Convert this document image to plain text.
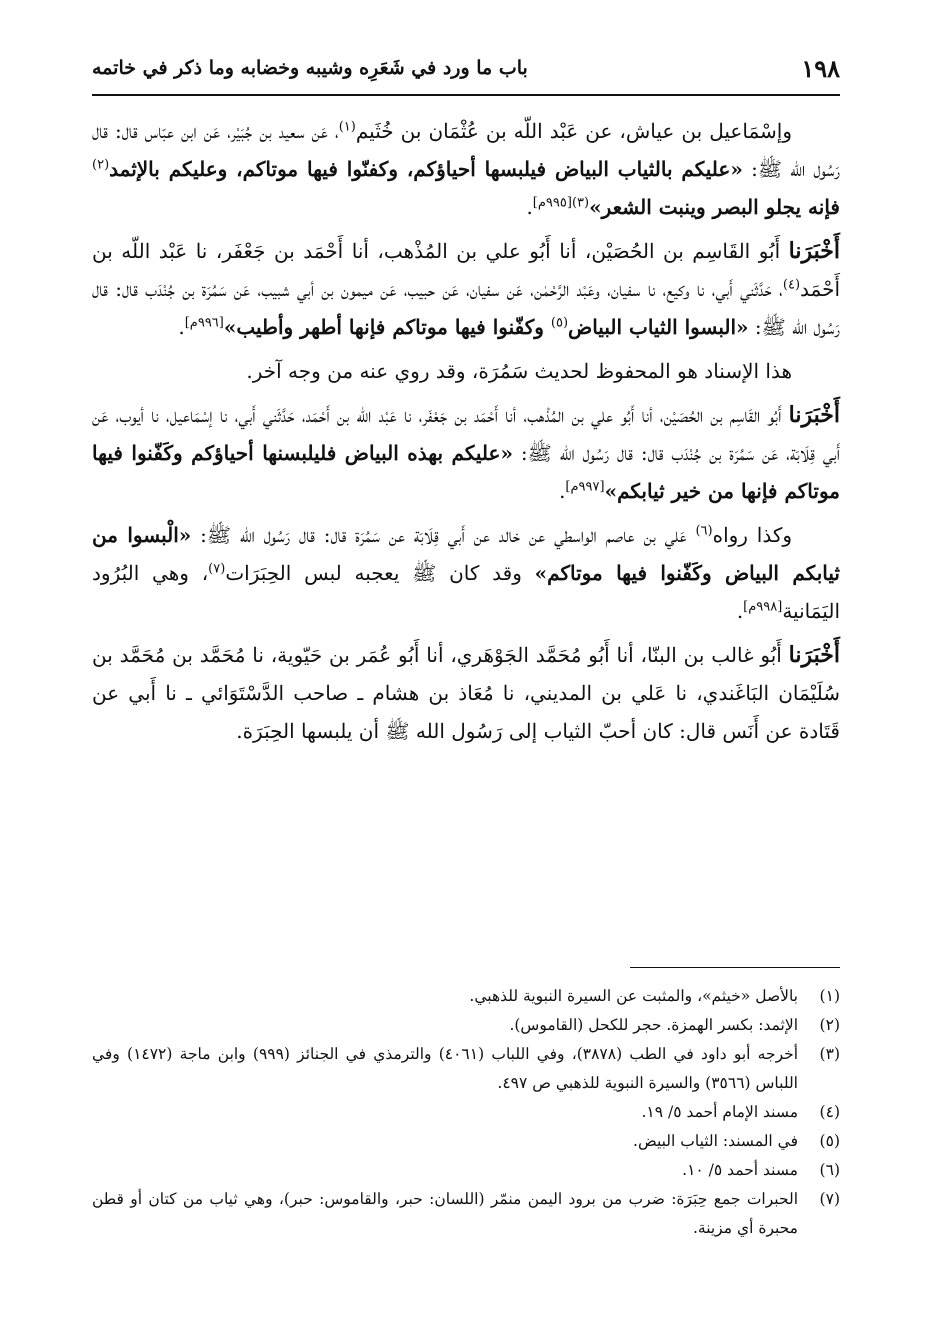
١٩٨
باب ما ورد في شَعَرِه وشيبه وخضابه وما ذكر في خاتمه

وإسْمَاعيل بن عياش، عن عَبْد اللّه بن عُثْمَان بن خُثَيم$^{(١)}$، عَن سعيد بن جُبَيْر، عَن ابن عبّاس قال: قال رَسُول الله ﷺ: «عليكم بالثياب البياض فيلبسها أحياؤكم، وكفنّوا فيها موتاكم، وعليكم بالإثمد$^{(٢)}$ فإنه يجلو البصر وينبت الشعر»$^{(٣)[٩٩٥م]}$.

أَخْبَرَنا أَبُو القَاسِم بن الحُصَيْن، أنا أَبُو علي بن المُذْهب، أنا أَحْمَد بن جَعْفَر، نا عَبْد اللّه بن أَحْمَد$^{(٤)}$، حَدَّثَني أَبي، نا وكيع، نا سفيان، وعَبْد الرَّحْمٰن، عَن سفيان، عَن حبيب، عَن ميمون بن أبي شبيب، عَن سَمُرَة بن جُنْدَب قال: قال رَسُول الله ﷺ: «البسوا الثياب البياض$^{(٥)}$ وكفّنوا فيها موتاكم فإنها أطهر وأطيب»[٩٩٦م].

هذا الإسناد هو المحفوظ لحديث سَمُرَة، وقد روي عنه من وجه آخر.

أَخْبَرَنا أَبُو القَاسِم بن الحُصَيْن، أنا أَبُو علي بن المُذْهب، أنا أَحْمَد بن جَعْفَر، نا عَبْد اللّه بن أَحْمَد، حَدَّثَني أَبي، نا إسْمَاعيل، نا أيوب، عَن أَبي قِلَابَة، عَن سَمُرَة بن جُنْدَب قال: قال رَسُول الله ﷺ: «عليكم بهذه البياض فليلبسنها أحياؤكم وكَفّنوا فيها موتاكم فإنها من خير ثيابكم»[٩٩٧م].

وكذا رواه$^{(٦)}$ عَلي بن عاصم الواسطي عن خالد عن أَبي قِلَابَة عن سَمُرَة قال: قال رَسُول الله ﷺ: «الْبسوا من ثيابكم البياض وكَفّنوا فيها موتاكم» وقد كان ﷺ يعجبه لبس الحِبَرَات$^{(٧)}$، وهي البُرُود اليَمَانية[٩٩٨م].

أَخْبَرَنا أَبُو غالب بن البنّا، أنا أَبُو مُحَمَّد الجَوْهَري، أنا أَبُو عُمَر بن حَيّوية، نا مُحَمَّد بن مُحَمَّد بن سُلَيْمَان البَاغَندي، نا عَلي بن المديني، نا مُعَاذ بن هشام ـ صاحب الدَّسْتَوَائي ـ نا أَبي عن قَتَادة عن أَنَس قال: كان أحبّ الثياب إلى رَسُول الله ﷺ أن يلبسها الحِبَرَة.

(١)
بالأصل «خيثم»، والمثبت عن السيرة النبوية للذهبي.
(٢)
الإثمد: بكسر الهمزة. حجر للكحل (القاموس).
(٣)
أخرجه أبو داود في الطب (٣٨٧٨)، وفي اللباب (٤٠٦١) والترمذي في الجنائز (٩٩٩) وابن ماجة (١٤٧٢) وفي اللباس (٣٥٦٦) والسيرة النبوية للذهبي ص ٤٩٧.
(٤)
مسند الإمام أحمد ٥/ ١٩.
(٥)
في المسند: الثياب البيض.
(٦)
مسند أحمد ٥/ ١٠.
(٧)
الحبرات جمع حِبَرَة: ضرب من برود اليمن منمّر (اللسان: حبر، والقاموس: حبر)، وهي ثياب من كتان أو قطن محبرة أي مزينة.
